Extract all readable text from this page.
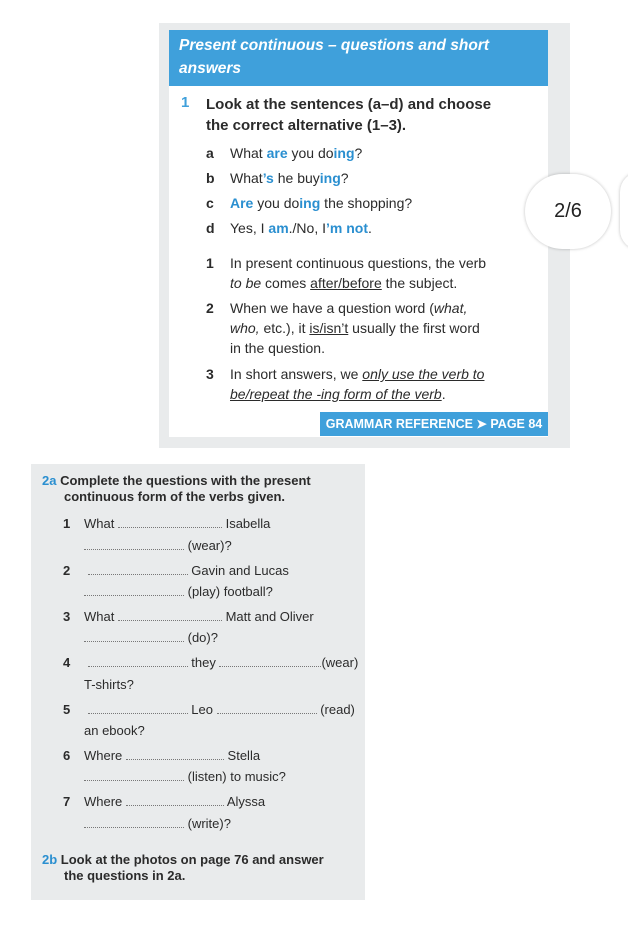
Present continuous – questions and short
answers
1 Look at the sentences (a–d) and choose
the correct alternative (1–3).
a What are you doing?
b What’s he buying?
c Are you doing the shopping?
d Yes, I am./No, I’m not.
1 In present continuous questions, the verb
to be comes after/before the subject.
2 When we have a question word (what,
who, etc.), it is/isn’t usually the first word
in the question.
3 In short answers, we only use the verb to
be/repeat the -ing form of the verb.
GRAMMAR REFERENCE ➤ PAGE 84
2/6
2a Complete the questions with the present
continuous form of the verbs given.
1 What	Isabella
(wear)?
2	Gavin and Lucas
(play) football?
3 What	Matt and Oliver
(do)?
4	they	(wear)
T-shirts?
5	Leo	(read)
an ebook?
6 Where	Stella
(listen) to music?
7 Where	Alyssa
(write)?
2b Look at the photos on page 76 and answer
the questions in 2a.
